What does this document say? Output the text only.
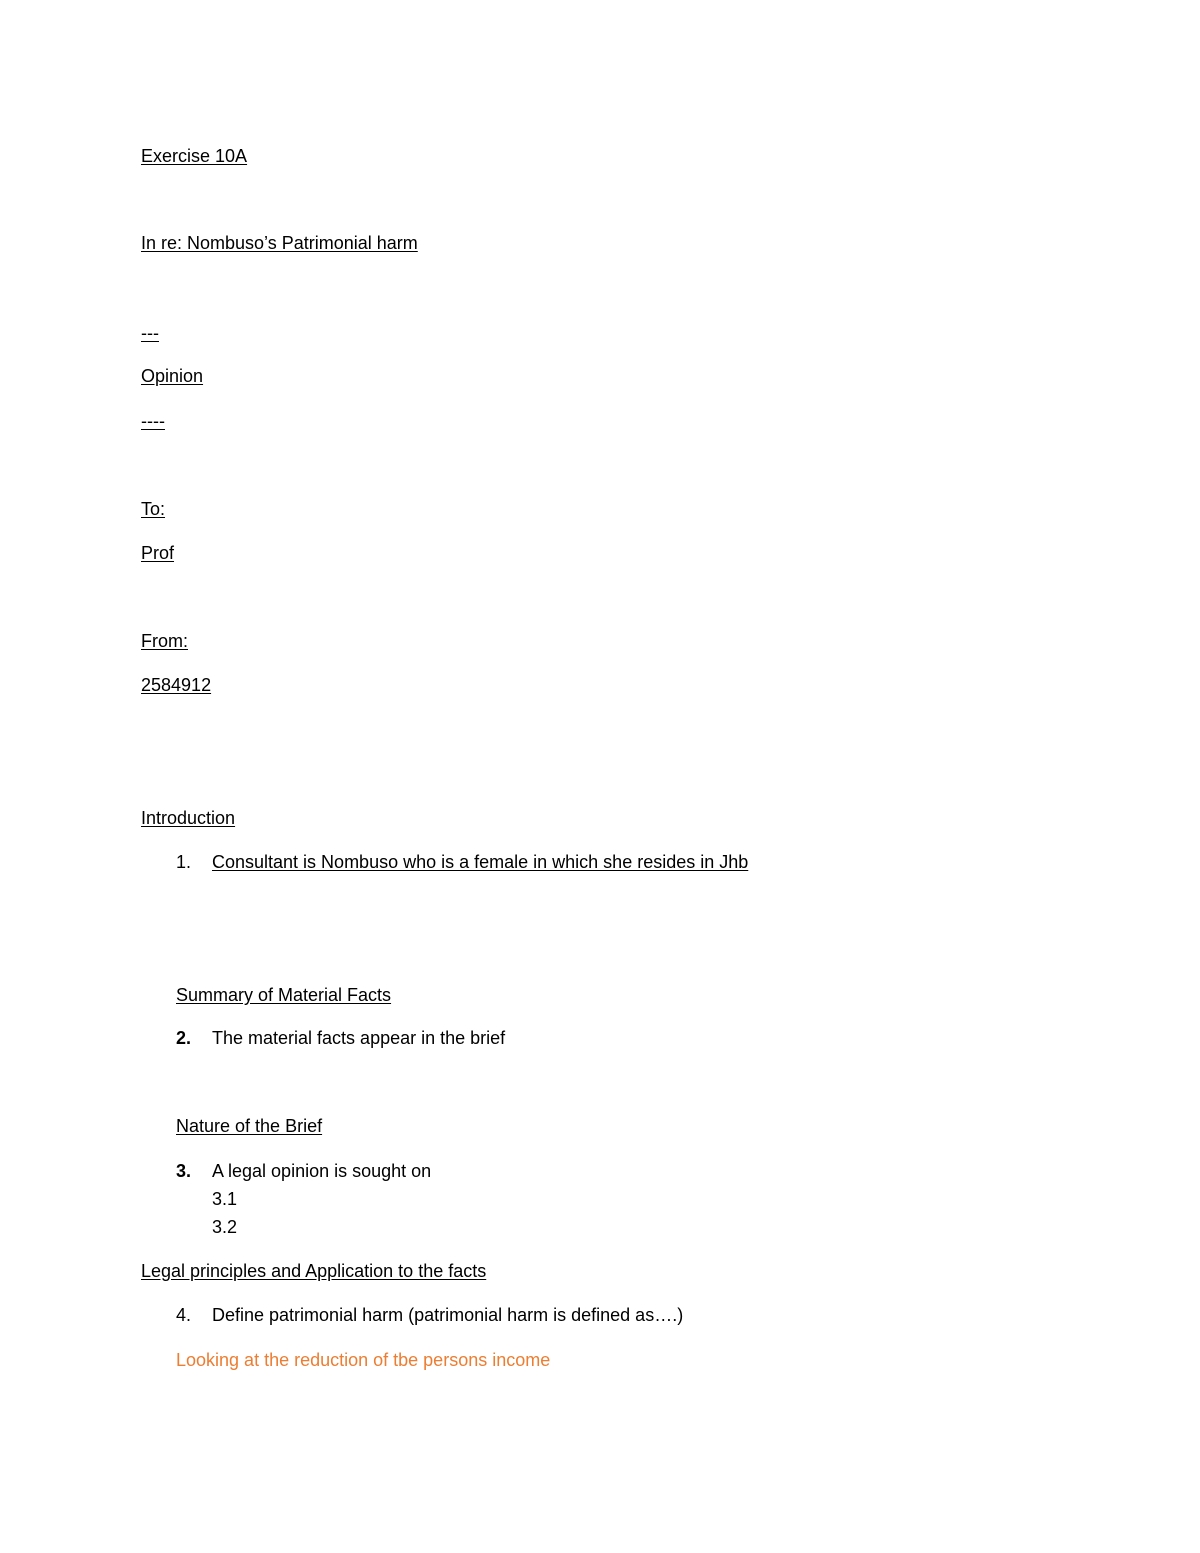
Exercise 10A
In re: Nombuso’s Patrimonial harm
---
Opinion
----
To:
Prof
From:
2584912
Introduction
1. Consultant is Nombuso who is a female in which she resides in Jhb
Summary of Material Facts
2. The material facts appear in the brief
Nature of the Brief
3. A legal opinion is sought on
3.1
3.2
Legal principles and Application to the facts
4. Define patrimonial harm (patrimonial harm is defined as….)
Looking at the reduction of tbe persons income
